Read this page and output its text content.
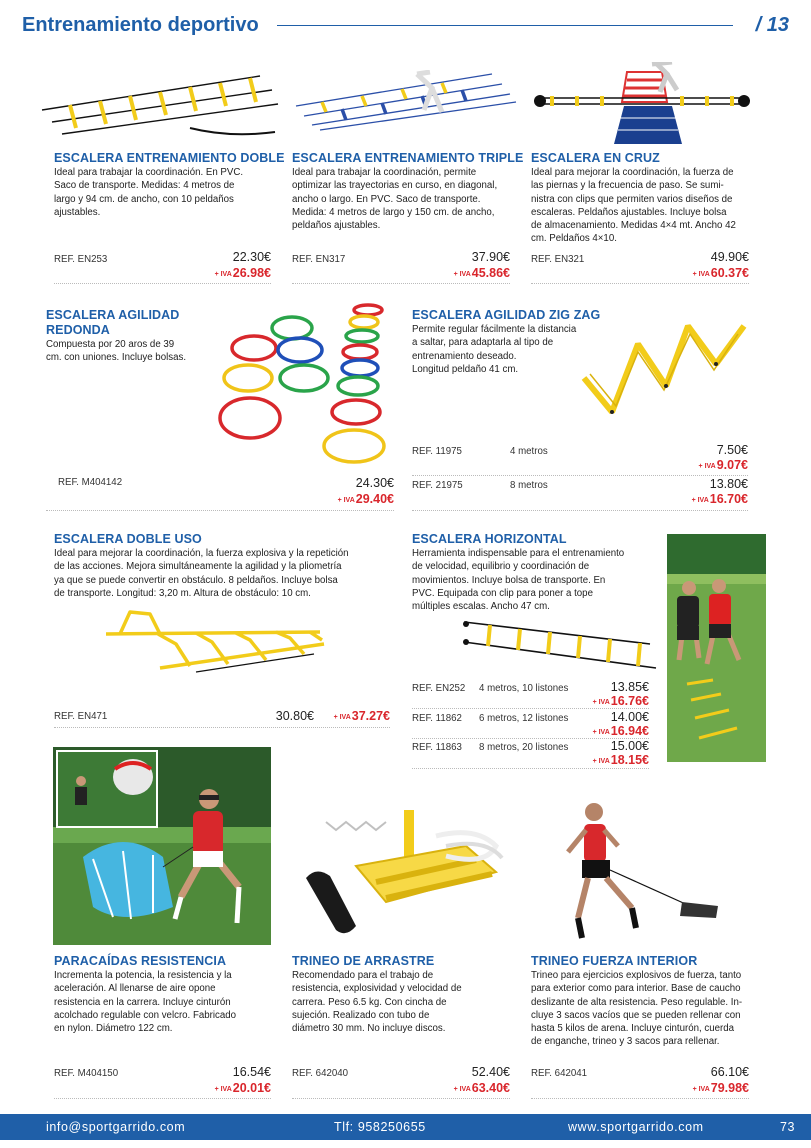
Entrenamiento deportivo	/ 13
ESCALERA ENTRENAMIENTO DOBLE
Ideal para trabajar la coordinación. En PVC.
Saco de transporte. Medidas: 4 metros de
largo y 94 cm. de ancho, con 10 peldaños
ajustables.
REF. EN253	22.30€
+ IVA26.98€
ESCALERA ENTRENAMIENTO TRIPLE
Ideal para trabajar la coordinación, permite
optimizar las trayectorias en curso, en diagonal,
ancho o largo. En PVC. Saco de transporte.
Medida: 4 metros de largo y 150 cm. de ancho,
peldaños ajustables.
REF. EN317	37.90€
+ IVA45.86€
ESCALERA EN CRUZ
Ideal para mejorar la coordinación, la fuerza de
las piernas y la frecuencia de paso. Se sumi-
nistra con clips que permiten varios diseños de
escaleras. Peldaños ajustables. Incluye bolsa
de almacenamiento. Medidas 4×4 mt. Ancho 42
cm. Peldaños 4×10.
REF. EN321	49.90€
+ IVA60.37€
ESCALERA AGILIDAD
REDONDA
Compuesta por 20 aros de 39
cm. con uniones. Incluye bolsas.
REF. M404142	24.30€
+ IVA29.40€
ESCALERA AGILIDAD ZIG ZAG
Permite regular fácilmente la distancia
a saltar, para adaptarla al tipo de
entrenamiento deseado.
Longitud peldaño 41 cm.
REF. 11975	4 metros	7.50€
+ IVA9.07€
REF. 21975	8 metros	13.80€
+ IVA16.70€
ESCALERA DOBLE USO
Ideal para mejorar la coordinación, la fuerza explosiva y la repetición
de las acciones. Mejora simultáneamente la agilidad y la pliometría
ya que se puede convertir en obstáculo. 8 peldaños. Incluye bolsa
de transporte. Longitud: 3,20 m. Altura de obstáculo: 10 cm.
REF. EN471	30.80€	+ IVA37.27€
ESCALERA HORIZONTAL
Herramienta indispensable para el entrenamiento
de velocidad, equilibrio y coordinación de
movimientos. Incluye bolsa de transporte. En
PVC. Equipada con clip para poner a tope
múltiples escalas. Ancho 47 cm.
REF. EN252 4 metros, 10 listones	13.85€
+ IVA16.76€
REF. 11862 6 metros, 12 listones	14.00€
+ IVA16.94€
REF. 11863 8 metros, 20 listones	15.00€
+ IVA18.15€
PARACAÍDAS RESISTENCIA
Incrementa la potencia, la resistencia y la
aceleración. Al llenarse de aire opone
resistencia en la carrera. Incluye cinturón
acolchado regulable con velcro. Fabricado
en nylon. Diámetro 122 cm.
REF. M404150	16.54€
+ IVA20.01€
TRINEO DE ARRASTRE
Recomendado para el trabajo de
resistencia, explosividad y velocidad de
carrera. Peso 6.5 kg. Con cincha de
sujeción. Realizado con tubo de
diámetro 30 mm. No incluye discos.
REF. 642040	52.40€
+ IVA63.40€
TRINEO FUERZA INTERIOR
Trineo para ejercicios explosivos de fuerza, tanto
para exterior como para interior. Base de caucho
deslizante de alta resistencia. Peso regulable. In-
cluye 3 sacos vacíos que se pueden rellenar con
hasta 5 kilos de arena. Incluye cinturón, cuerda
de enganche, trineo y 3 sacos para rellenar.
REF. 642041	66.10€
+ IVA79.98€
info@sportgarrido.com	Tlf: 958250655	www.sportgarrido.com	73
